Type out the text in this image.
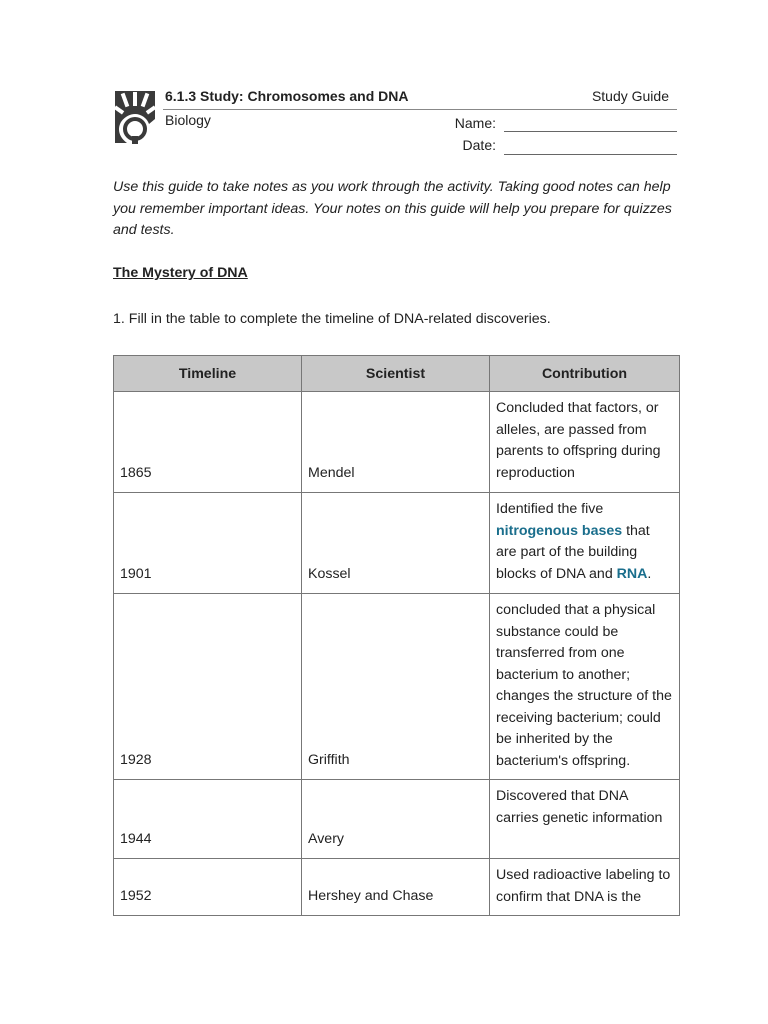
6.1.3 Study: Chromosomes and DNA	Study Guide
Biology	Name:
Date:
Use this guide to take notes as you work through the activity. Taking good notes can help you remember important ideas. Your notes on this guide will help you prepare for quizzes and tests.
The Mystery of DNA
1. Fill in the table to complete the timeline of DNA-related discoveries.
Timeline	Scientist	Contribution
1865	Mendel	Concluded that factors, or alleles, are passed from parents to offspring during reproduction
1901	Kossel	Identified the five nitrogenous bases that are part of the building blocks of DNA and RNA.
1928	Griffith	concluded that a physical substance could be transferred from one bacterium to another; changes the structure of the receiving bacterium; could be inherited by the bacterium's offspring.
1944	Avery	Discovered that DNA carries genetic information
1952	Hershey and Chase	Used radioactive labeling to confirm that DNA is the
